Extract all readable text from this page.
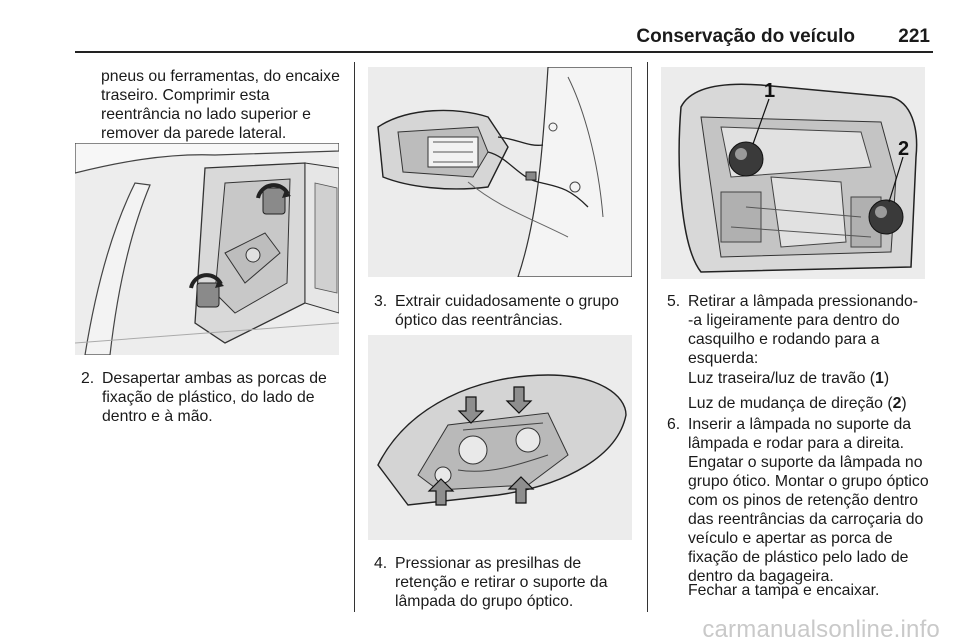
Conservação do veículo	221
pneus ou ferramentas, do encaixe
traseiro. Comprimir esta
reentrância no lado superior e
remover da parede lateral.
2. Desapertar ambas as porcas de
fixação de plástico, do lado de
dentro e à mão.
3. Extrair cuidadosamente o grupo
óptico das reentrâncias.
4. Pressionar as presilhas de
retenção e retirar o suporte da
lâmpada do grupo óptico.
1
2
5. Retirar a lâmpada pressionando-
-a ligeiramente para dentro do
casquilho e rodando para a
esquerda:
Luz traseira/luz de travão (1)
Luz de mudança de direção (2)
6. Inserir a lâmpada no suporte da
lâmpada e rodar para a direita.
Engatar o suporte da lâmpada no
grupo ótico. Montar o grupo óptico
com os pinos de retenção dentro
das reentrâncias da carroçaria do
veículo e apertar as porca de
fixação de plástico pelo lado de
dentro da bagageira.
Fechar a tampa e encaixar.
carmanualsonline.info
